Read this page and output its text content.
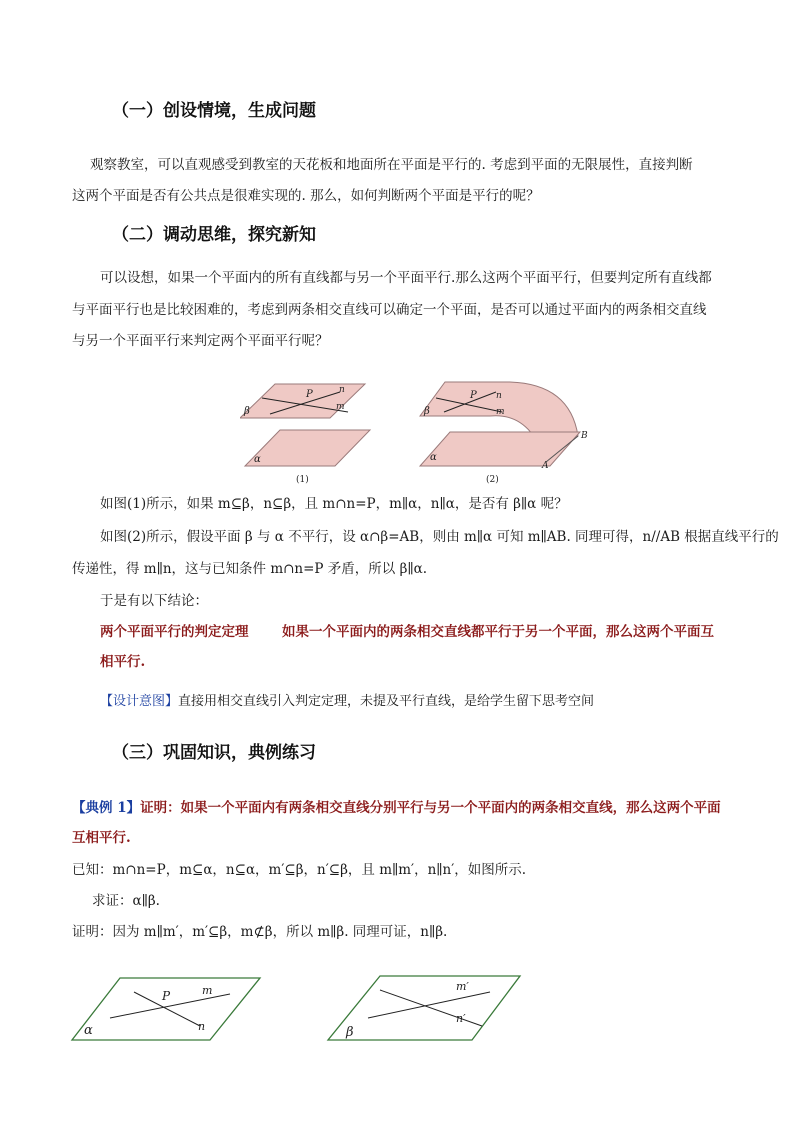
（一）创设情境，生成问题
观察教室，可以直观感受到教室的天花板和地面所在平面是平行的. 考虑到平面的无限展性，直接判断
这两个平面是否有公共点是很难实现的. 那么，如何判断两个平面是平行的呢？
（二）调动思维，探究新知
可以设想，如果一个平面内的所有直线都与另一个平面平行.那么这两个平面平行，但要判定所有直线都
与平面平行也是比较困难的，考虑到两条相交直线可以确定一个平面，是否可以通过平面内的两条相交直线
与另一个平面平行来判定两个平面平行呢？
P	n
m
β
α
(1)
P n
m
β
α
A
B
(2)
如图(1)所示，如果 m⊆β，n⊆β，且 m∩n=P，m∥α，n∥α，是否有 β∥α 呢？
如图(2)所示，假设平面 β 与 α 不平行，设 α∩β=AB，则由 m∥α 可知 m∥AB. 同理可得，n//AB 根据直线平行的
传递性，得 m∥n，这与已知条件 m∩n=P 矛盾，所以 β∥α.
于是有以下结论：
两个平面平行的判定定理 如果一个平面内的两条相交直线都平行于另一个平面，那么这两个平面互
相平行.
【设计意图】直接用相交直线引入判定定理，未提及平行直线，是给学生留下思考空间
（三）巩固知识，典例练习
【典例 1】证明：如果一个平面内有两条相交直线分别平行与另一个平面内的两条相交直线，那么这两个平面
互相平行.
已知：m∩n=P，m⊆α，n⊆α，m′⊆β，n′⊆β，且 m∥m′，n∥n′，如图所示.
求证：α∥β.
证明：因为 m∥m′，m′⊆β，m⊄β，所以 m∥β. 同理可证，n∥β.
P	m
n
α
m′
n′
β
